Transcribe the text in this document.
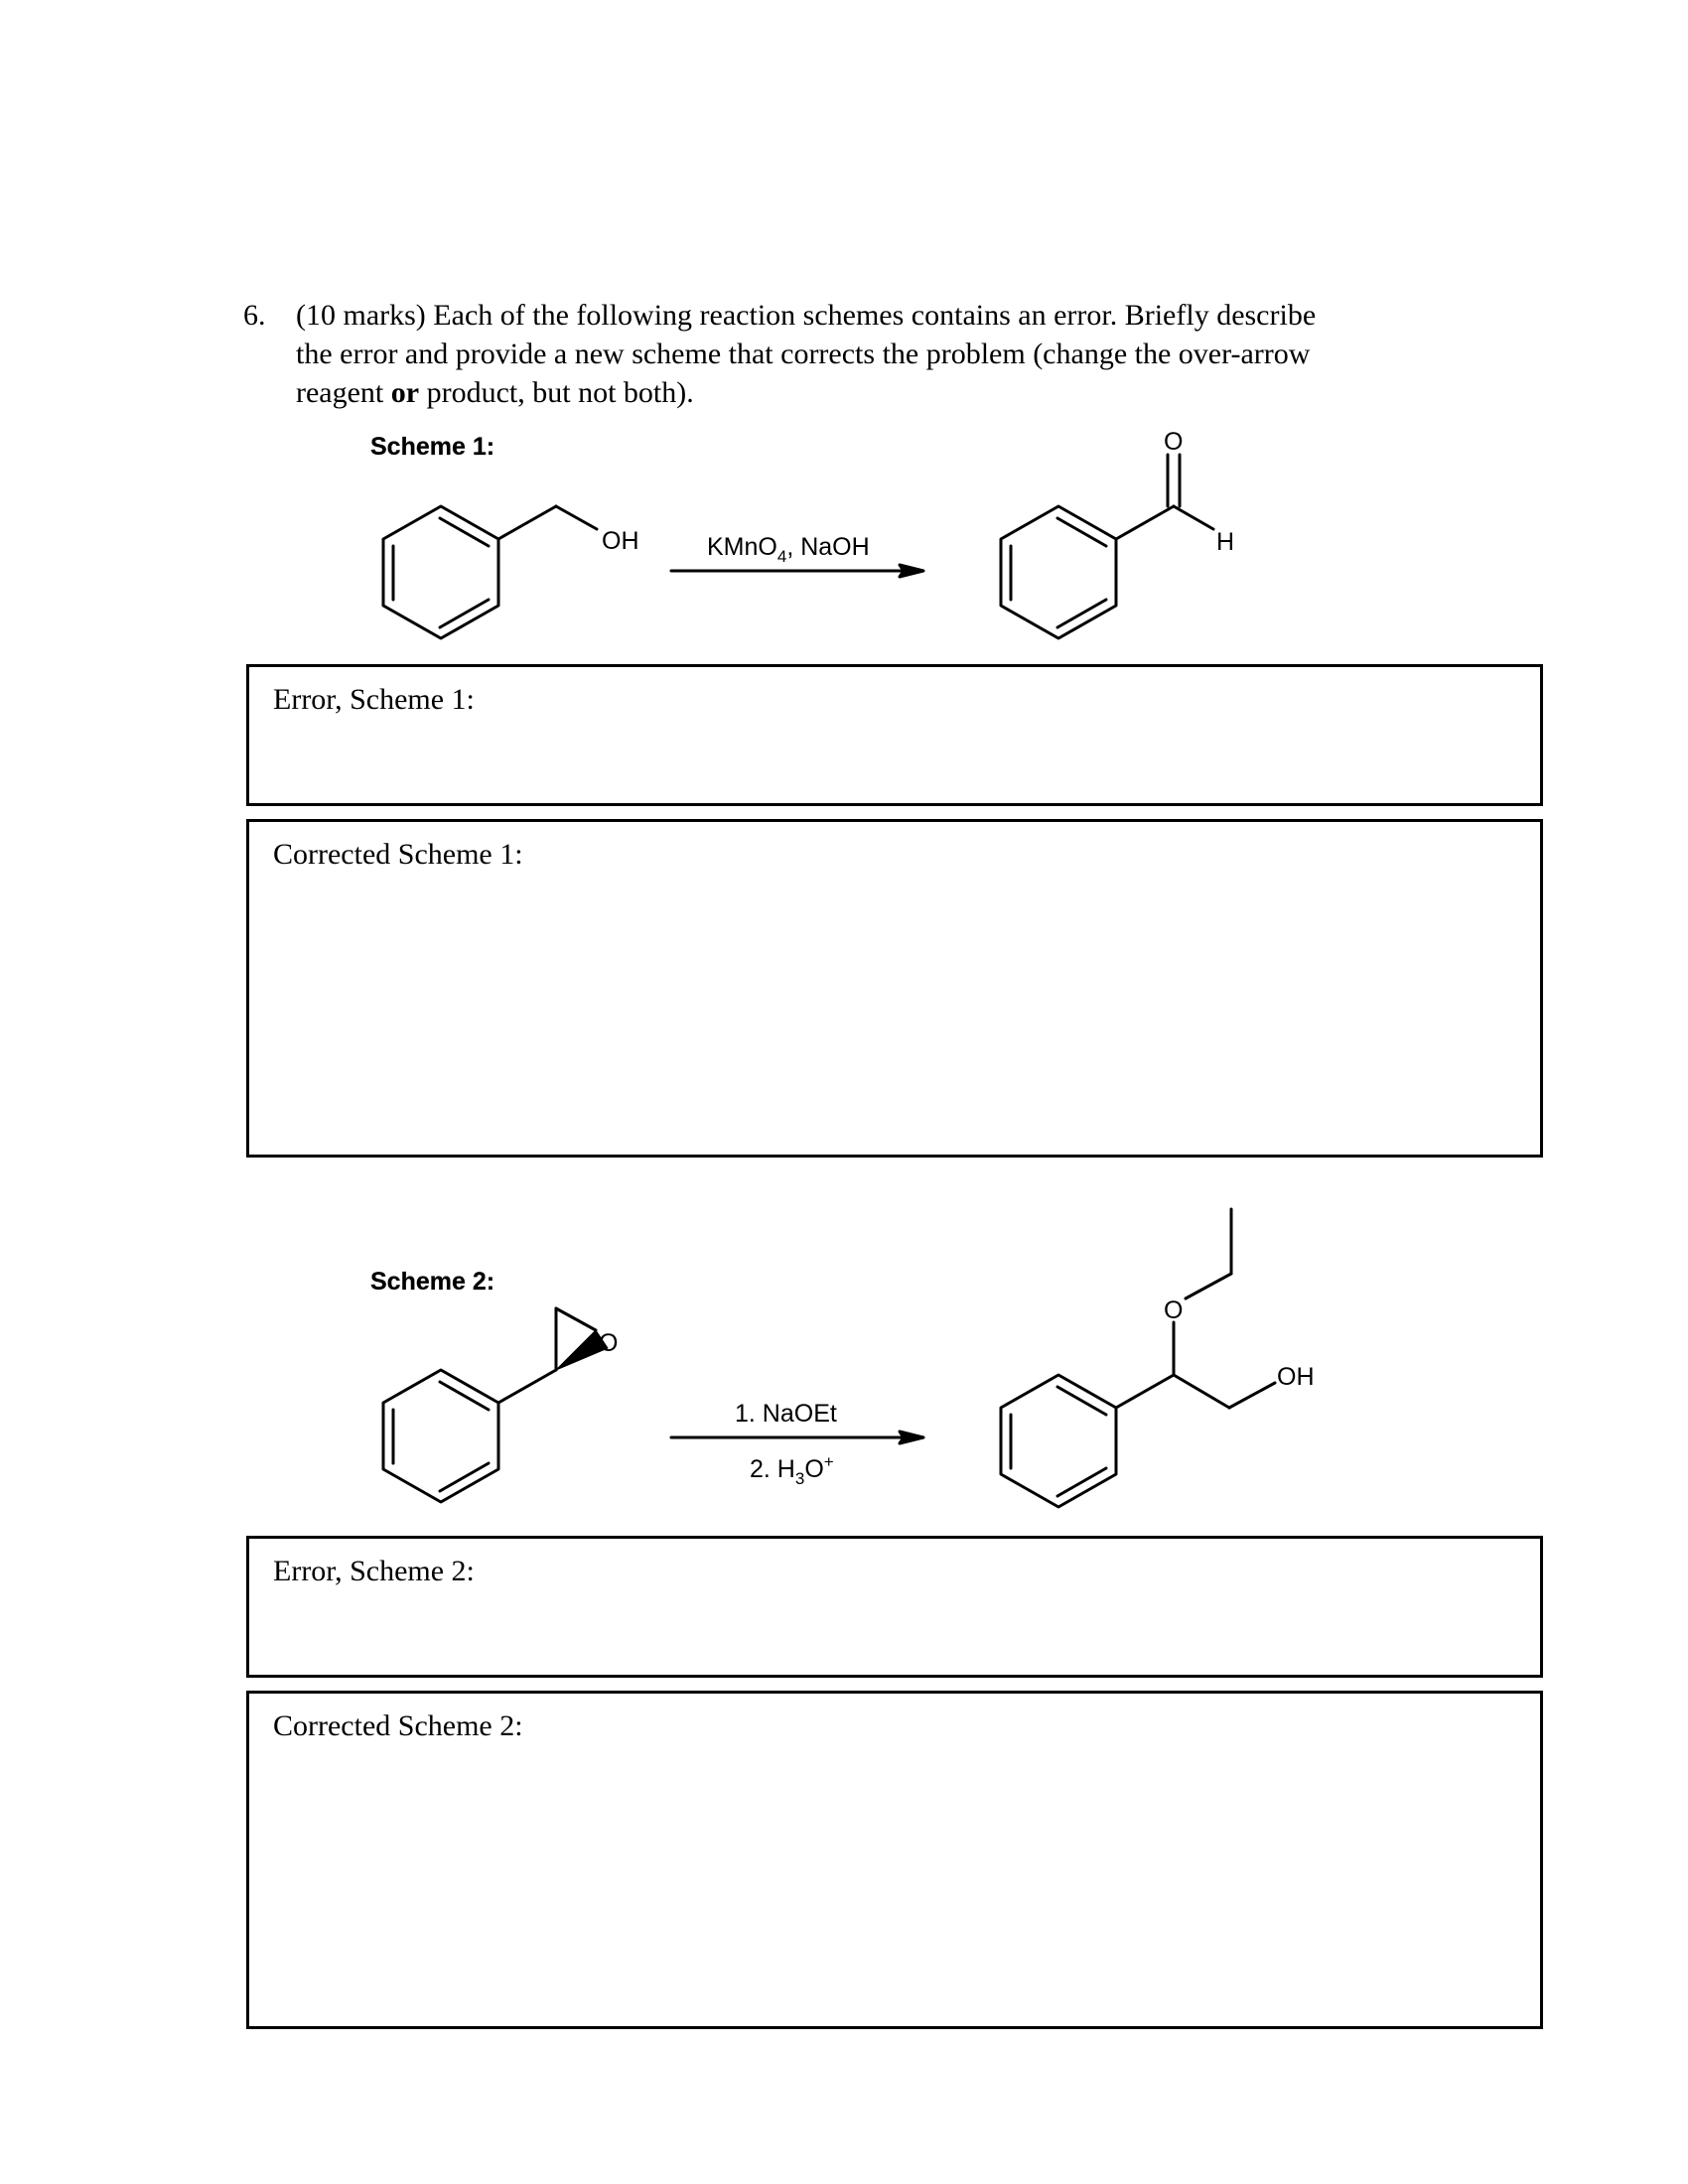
6. (10 marks) Each of the following reaction schemes contains an error. Briefly describe
the error and provide a new scheme that corrects the problem (change the over-arrow
reagent or product, but not both).
Scheme 1:
Scheme 2:
OH	KMnO$_4$, NaOH
O
H
O
1. NaOEt
2. $H_3O^+$
O
OH
Error, Scheme 1:
Corrected Scheme 1:
Error, Scheme 2:
Corrected Scheme 2:
